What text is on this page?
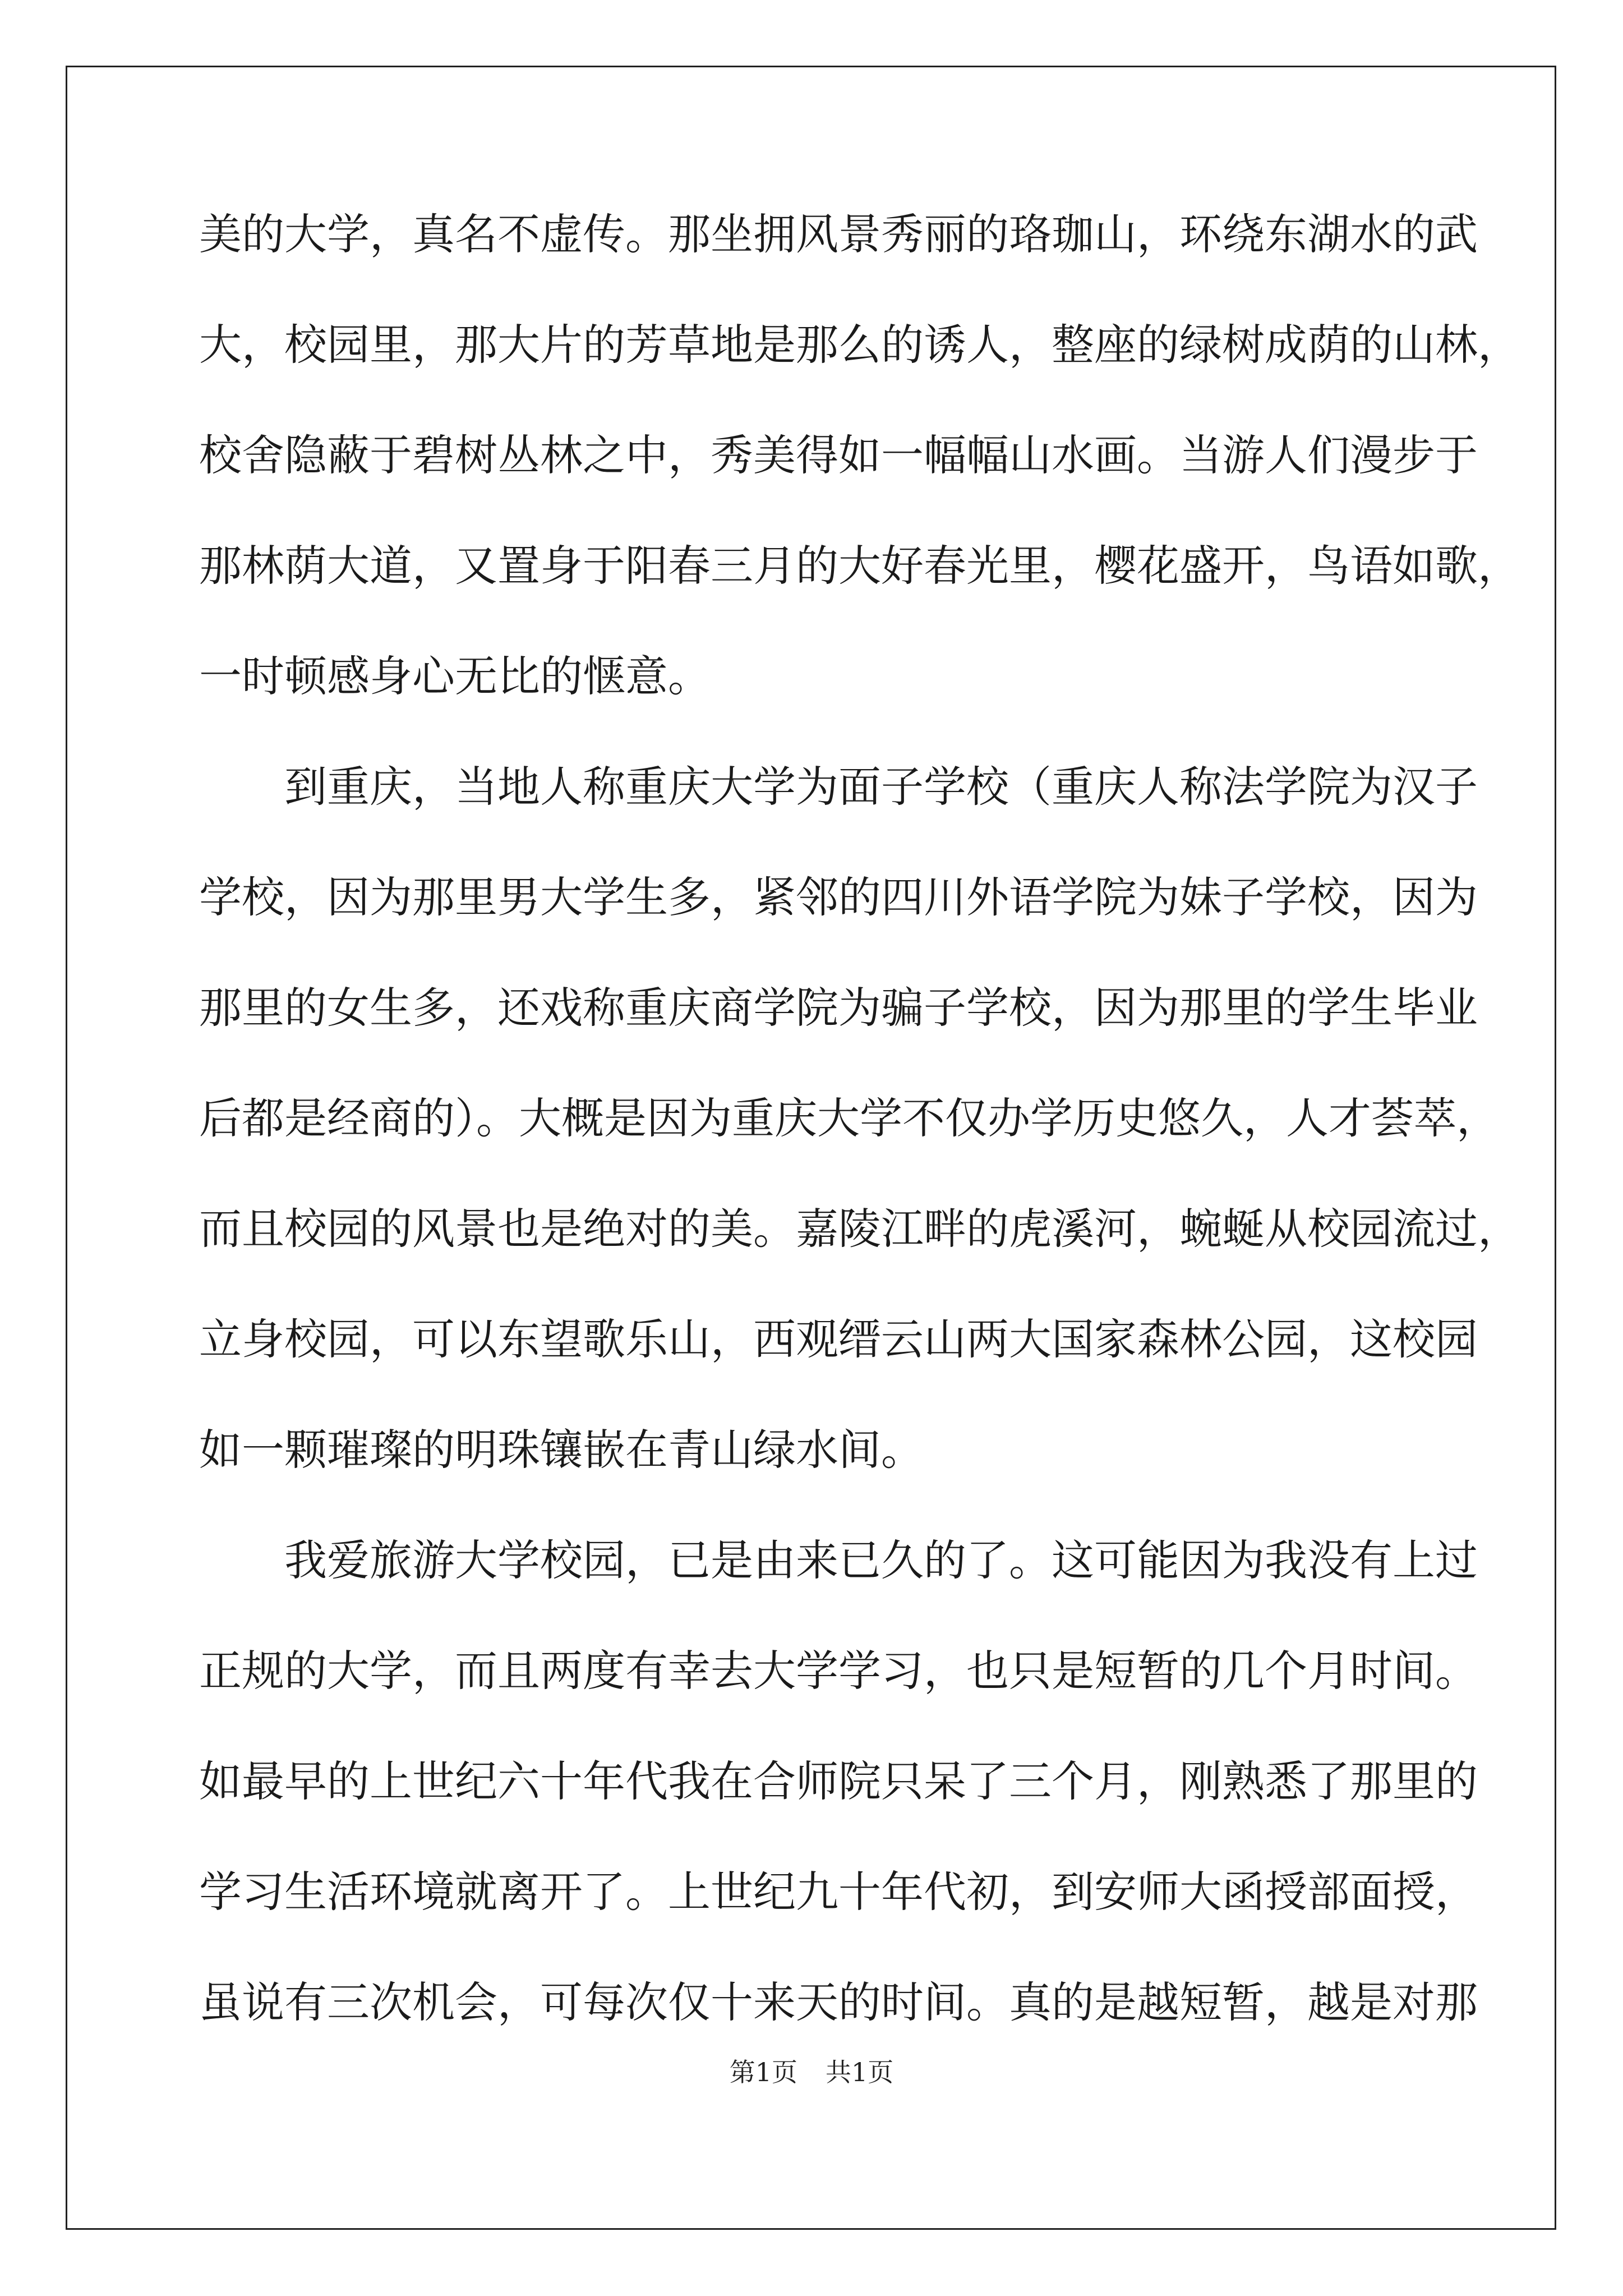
美的大学，真名不虚传。那坐拥风景秀丽的珞珈山，环绕东湖水的武
大，校园里，那大片的芳草地是那么的诱人，整座的绿树成荫的山林，
校舍隐蔽于碧树丛林之中，秀美得如一幅幅山水画。当游人们漫步于
那林荫大道，又置身于阳春三月的大好春光里，樱花盛开，鸟语如歌，
一时顿感身心无比的惬意。
到重庆，当地人称重庆大学为面子学校（重庆人称法学院为汉子
学校，因为那里男大学生多，紧邻的四川外语学院为妹子学校，因为
那里的女生多，还戏称重庆商学院为骗子学校，因为那里的学生毕业
后都是经商的）。大概是因为重庆大学不仅办学历史悠久，人才荟萃，
而且校园的风景也是绝对的美。嘉陵江畔的虎溪河，蜿蜒从校园流过，
立身校园，可以东望歌乐山，西观缙云山两大国家森林公园，这校园
如一颗璀璨的明珠镶嵌在青山绿水间。
我爱旅游大学校园，已是由来已久的了。这可能因为我没有上过
正规的大学，而且两度有幸去大学学习，也只是短暂的几个月时间。
如最早的上世纪六十年代我在合师院只呆了三个月，刚熟悉了那里的
学习生活环境就离开了。上世纪九十年代初，到安师大函授部面授，
虽说有三次机会，可每次仅十来天的时间。真的是越短暂，越是对那
第1页 共1页
